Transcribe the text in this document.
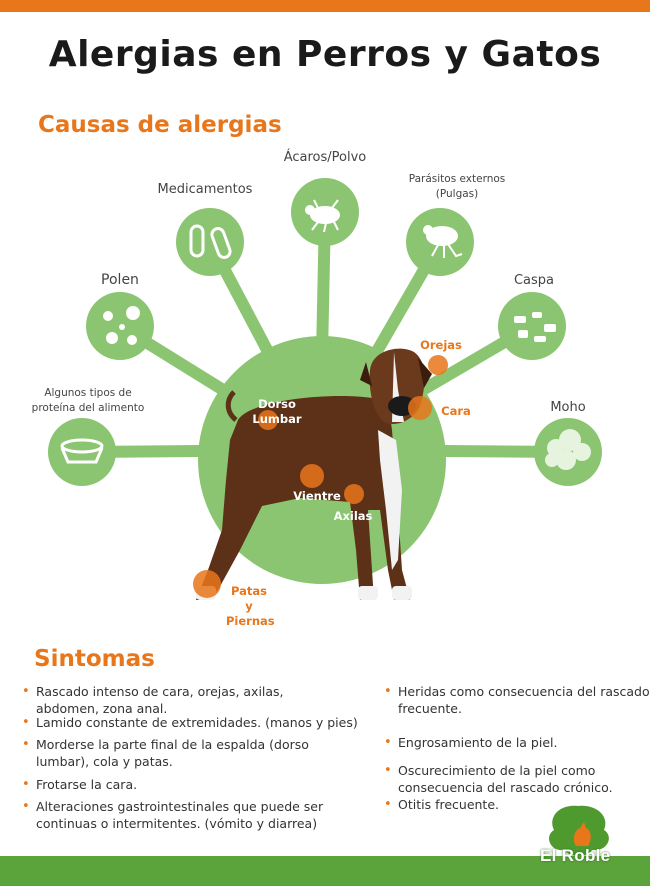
Alergias en Perros y Gatos
Causas de alergias
Algunos tipos de proteína del alimento
Polen
Medicamentos
Ácaros/Polvo
Parásitos externos (Pulgas)
Caspa
Moho
Orejas
Cara
Dorso Lumbar
Vientre
Axilas
Patas y Piernas
Sintomas
• Rascado intenso de cara, orejas, axilas, abdomen, zona anal.
• Lamido constante de extremidades. (manos y pies)
• Morderse la parte final de la espalda (dorso lumbar), cola y patas.
• Frotarse la cara.
• Alteraciones gastrointestinales que puede ser continuas o intermitentes. (vómito y diarrea)
• Heridas como consecuencia del rascado frecuente.
• Engrosamiento de la piel.
• Oscurecimiento de la piel como consecuencia del rascado crónico.
• Otitis frecuente.
El Roble
